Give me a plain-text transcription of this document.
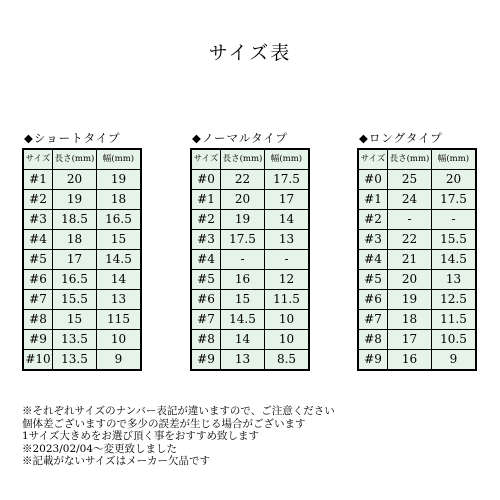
サイズ表
◆ショートタイプ
サイズ	長さ(mm)	幅(mm)
#1	20	19
#2	19	18
#3	18.5	16.5
#4	18	15
#5	17	14.5
#6	16.5	14
#7	15.5	13
#8	15	115
#9	13.5	10
#10	13.5	9
◆ノーマルタイプ
サイズ	長さ(mm)	幅(mm)
#0	22	17.5
#1	20	17
#2	19	14
#3	17.5	13
#4	-	-
#5	16	12
#6	15	11.5
#7	14.5	10
#8	14	10
#9	13	8.5
◆ロングタイプ
サイズ	長さ(mm)	幅(mm)
#0	25	20
#1	24	17.5
#2	-	-
#3	22	15.5
#4	21	14.5
#5	20	13
#6	19	12.5
#7	18	11.5
#8	17	10.5
#9	16	9
※それぞれサイズのナンバー表記が違いますので、ご注意ください
個体差ございますので多少の誤差が生じる場合がございます
1サイズ大きめをお選び頂く事をおすすめ致します
※2023/02/04〜変更致しました
※記載がないサイズはメーカー欠品です
